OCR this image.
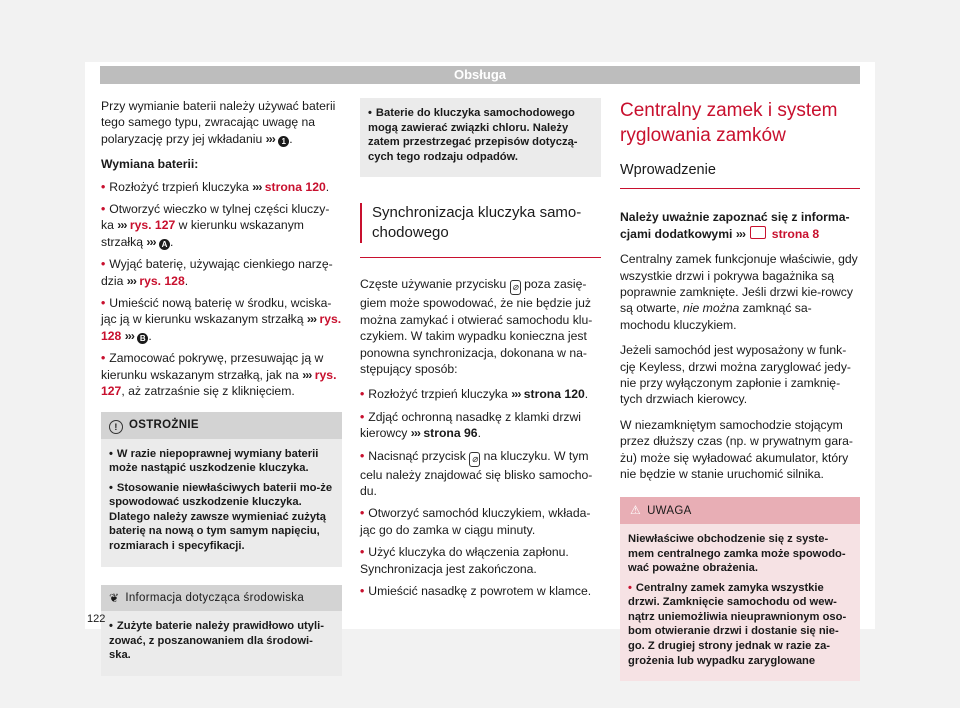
Obsługa

Przy wymianie baterii należy używać baterii tego samego typu, zwracając uwagę na polaryzację przy jej wkładaniu ››› 1 .

Wymiana baterii:
• Rozłożyć trzpień kluczyka ››› strona 120.
• Otworzyć wieczko w tylnej części kluczy-ka ››› rys. 127 w kierunku wskazanym strzałką ››› A .
• Wyjąć baterię, używając cienkiego narzę-dzia ››› rys. 128.
• Umieścić nową baterię w środku, wciska-jąc ją w kierunku wskazanym strzałką ››› rys. 128 ››› B .
• Zamocować pokrywę, przesuwając ją w kierunku wskazanym strzałką, jak na ››› rys. 127, aż zatrzaśnie się z kliknięciem.
! OSTROŻNIE
• W razie niepoprawnej wymiany baterii może nastąpić uszkodzenie kluczyka.
• Stosowanie niewłaściwych baterii mo-że spowodować uszkodzenie kluczyka. Dlatego należy zawsze wymieniać zużytą baterię na nową o tym samym napięciu, rozmiarach i specyfikacji.
❦ Informacja dotycząca środowiska
• Zużyte baterie należy prawidłowo utyli-zować, z poszanowaniem dla środowi-ska.
• Baterie do kluczyka samochodowego mogą zawierać związki chloru. Należy zatem przestrzegać przepisów dotyczą-cych tego rodzaju odpadów.
Synchronizacja kluczyka samo-chodowego

Częste używanie przycisku ⊘ poza zasię-giem może spowodować, że nie będzie już można zamykać i otwierać samochodu klu-czykiem. W takim wypadku konieczna jest ponowna synchronizacja, dokonana w na-stępujący sposób:

• Rozłożyć trzpień kluczyka ››› strona 120.
• Zdjąć ochronną nasadkę z klamki drzwi kierowcy ››› strona 96.
• Nacisnąć przycisk ⊘ na kluczyku. W tym celu należy znajdować się blisko samocho-du.
• Otworzyć samochód kluczykiem, wkłada-jąc go do zamka w ciągu minuty.
• Użyć kluczyka do włączenia zapłonu. Synchronizacja jest zakończona.
• Umieścić nasadkę z powrotem w klamce.
Centralny zamek i system ryglowania zamków
Wprowadzenie

Należy uważnie zapoznać się z informa-cjami dodatkowymi ››› strona 8

Centralny zamek funkcjonuje właściwie, gdy wszystkie drzwi i pokrywa bagażnika są poprawnie zamknięte. Jeśli drzwi kie-rowcy są otwarte, nie można zamknąć sa-mochodu kluczykiem.

Jeżeli samochód jest wyposażony w funk-cję Keyless, drzwi można zaryglować jedy-nie przy wyłączonym zapłonie i zamknię-tych drzwiach kierowcy.

W niezamkniętym samochodzie stojącym przez dłuższy czas (np. w prywatnym gara-żu) może się wyładować akumulator, który nie będzie w stanie uruchomić silnika.

⚠ UWAGA
Niewłaściwe obchodzenie się z syste-mem centralnego zamka może spowodo-wać poważne obrażenia.
• Centralny zamek zamyka wszystkie drzwi. Zamknięcie samochodu od wew-nątrz uniemożliwia nieuprawnionym oso-bom otwieranie drzwi i dostanie się nie-go. Z drugiej strony jednak w razie za-grożenia lub wypadku zaryglowane
122
